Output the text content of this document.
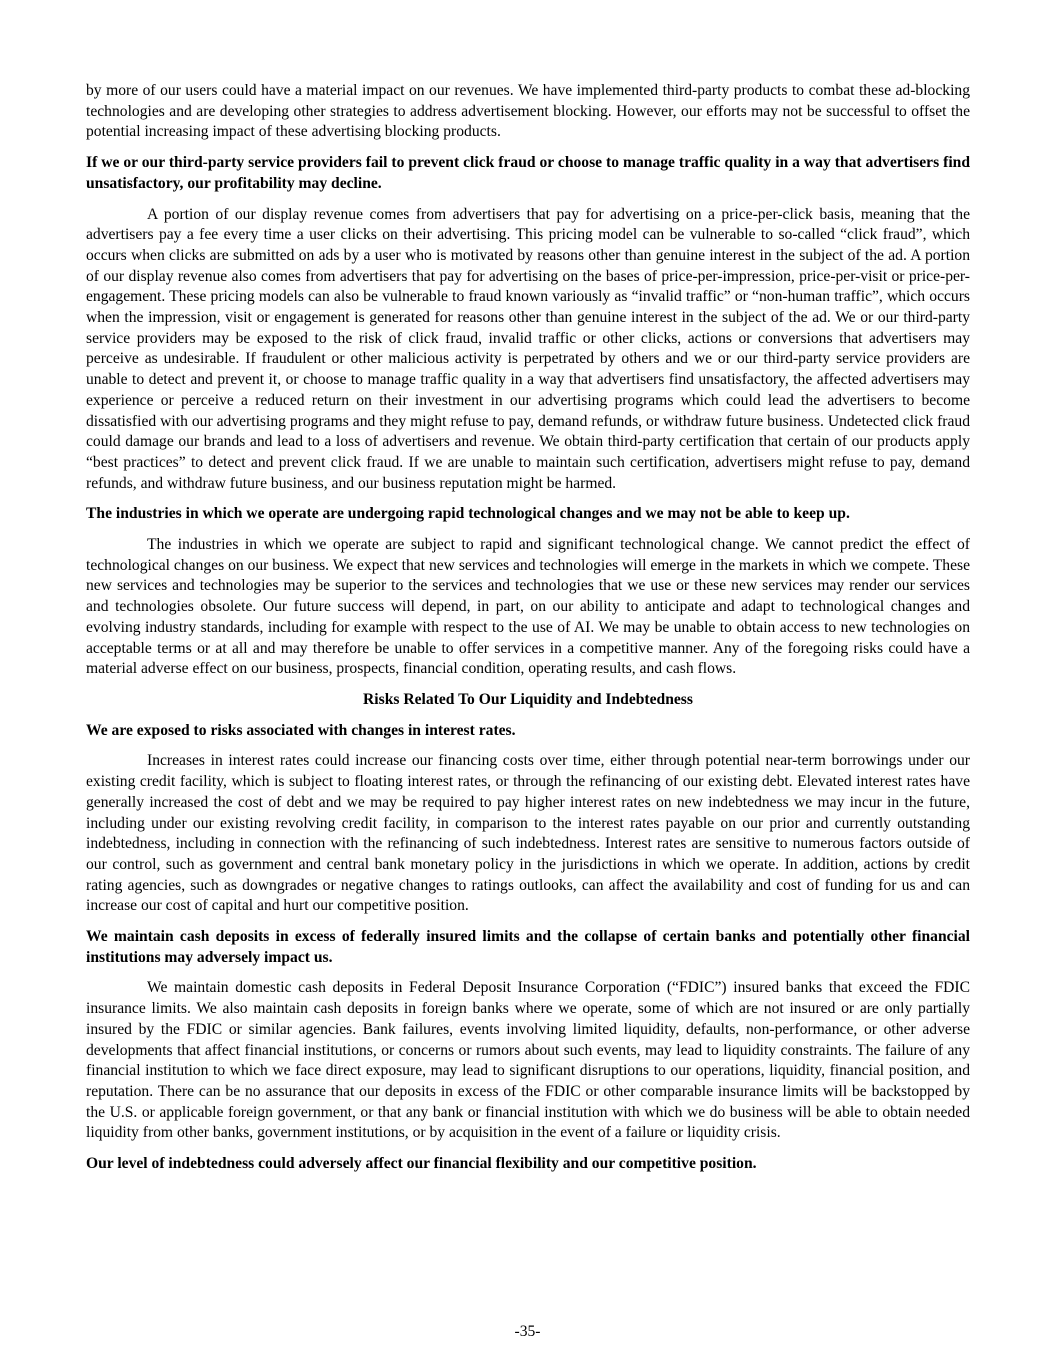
by more of our users could have a material impact on our revenues. We have implemented third-party products to combat these ad-blocking technologies and are developing other strategies to address advertisement blocking. However, our efforts may not be successful to offset the potential increasing impact of these advertising blocking products.

If we or our third-party service providers fail to prevent click fraud or choose to manage traffic quality in a way that advertisers find unsatisfactory, our profitability may decline.

A portion of our display revenue comes from advertisers that pay for advertising on a price-per-click basis, meaning that the advertisers pay a fee every time a user clicks on their advertising. This pricing model can be vulnerable to so-called “click fraud”, which occurs when clicks are submitted on ads by a user who is motivated by reasons other than genuine interest in the subject of the ad. A portion of our display revenue also comes from advertisers that pay for advertising on the bases of price-per-impression, price-per-visit or price-per-engagement. These pricing models can also be vulnerable to fraud known variously as “invalid traffic” or “non-human traffic”, which occurs when the impression, visit or engagement is generated for reasons other than genuine interest in the subject of the ad. We or our third-party service providers may be exposed to the risk of click fraud, invalid traffic or other clicks, actions or conversions that advertisers may perceive as undesirable. If fraudulent or other malicious activity is perpetrated by others and we or our third-party service providers are unable to detect and prevent it, or choose to manage traffic quality in a way that advertisers find unsatisfactory, the affected advertisers may experience or perceive a reduced return on their investment in our advertising programs which could lead the advertisers to become dissatisfied with our advertising programs and they might refuse to pay, demand refunds, or withdraw future business. Undetected click fraud could damage our brands and lead to a loss of advertisers and revenue. We obtain third-party certification that certain of our products apply “best practices” to detect and prevent click fraud. If we are unable to maintain such certification, advertisers might refuse to pay, demand refunds, and withdraw future business, and our business reputation might be harmed.

The industries in which we operate are undergoing rapid technological changes and we may not be able to keep up.

The industries in which we operate are subject to rapid and significant technological change. We cannot predict the effect of technological changes on our business. We expect that new services and technologies will emerge in the markets in which we compete. These new services and technologies may be superior to the services and technologies that we use or these new services may render our services and technologies obsolete. Our future success will depend, in part, on our ability to anticipate and adapt to technological changes and evolving industry standards, including for example with respect to the use of AI. We may be unable to obtain access to new technologies on acceptable terms or at all and may therefore be unable to offer services in a competitive manner. Any of the foregoing risks could have a material adverse effect on our business, prospects, financial condition, operating results, and cash flows.

Risks Related To Our Liquidity and Indebtedness
We are exposed to risks associated with changes in interest rates.

Increases in interest rates could increase our financing costs over time, either through potential near-term borrowings under our existing credit facility, which is subject to floating interest rates, or through the refinancing of our existing debt. Elevated interest rates have generally increased the cost of debt and we may be required to pay higher interest rates on new indebtedness we may incur in the future, including under our existing revolving credit facility, in comparison to the interest rates payable on our prior and currently outstanding indebtedness, including in connection with the refinancing of such indebtedness. Interest rates are sensitive to numerous factors outside of our control, such as government and central bank monetary policy in the jurisdictions in which we operate. In addition, actions by credit rating agencies, such as downgrades or negative changes to ratings outlooks, can affect the availability and cost of funding for us and can increase our cost of capital and hurt our competitive position.

We maintain cash deposits in excess of federally insured limits and the collapse of certain banks and potentially other financial institutions may adversely impact us.

We maintain domestic cash deposits in Federal Deposit Insurance Corporation (“FDIC”) insured banks that exceed the FDIC insurance limits. We also maintain cash deposits in foreign banks where we operate, some of which are not insured or are only partially insured by the FDIC or similar agencies. Bank failures, events involving limited liquidity, defaults, non-performance, or other adverse developments that affect financial institutions, or concerns or rumors about such events, may lead to liquidity constraints. The failure of any financial institution to which we face direct exposure, may lead to significant disruptions to our operations, liquidity, financial position, and reputation. There can be no assurance that our deposits in excess of the FDIC or other comparable insurance limits will be backstopped by the U.S. or applicable foreign government, or that any bank or financial institution with which we do business will be able to obtain needed liquidity from other banks, government institutions, or by acquisition in the event of a failure or liquidity crisis.

Our level of indebtedness could adversely affect our financial flexibility and our competitive position.
-35-
